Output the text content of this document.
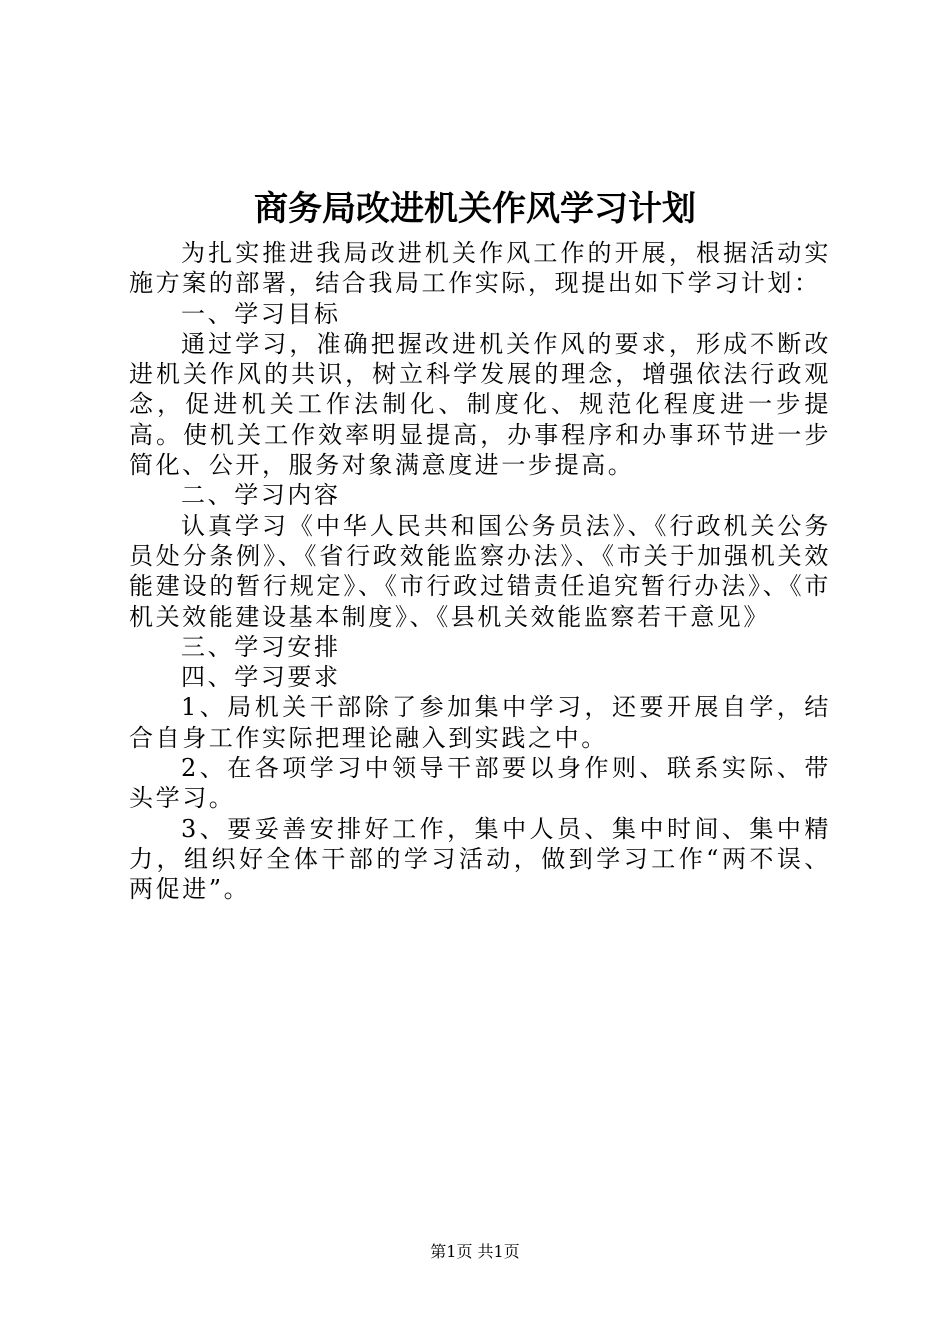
商务局改进机关作风学习计划

为扎实推进我局改进机关作风工作的开展，根据活动实施方案的部署，结合我局工作实际，现提出如下学习计划：

一、学习目标

通过学习，准确把握改进机关作风的要求，形成不断改进机关作风的共识，树立科学发展的理念，增强依法行政观念，促进机关工作法制化、制度化、规范化程度进一步提高。使机关工作效率明显提高，办事程序和办事环节进一步简化、公开，服务对象满意度进一步提高。

二、学习内容

认真学习《中华人民共和国公务员法》、《行政机关公务员处分条例》、《省行政效能监察办法》、《市关于加强机关效能建设的暂行规定》、《市行政过错责任追究暂行办法》、《市机关效能建设基本制度》、《县机关效能监察若干意见》

三、学习安排

四、学习要求

1、局机关干部除了参加集中学习，还要开展自学，结合自身工作实际把理论融入到实践之中。

2、在各项学习中领导干部要以身作则、联系实际、带头学习。

3、要妥善安排好工作，集中人员、集中时间、集中精力，组织好全体干部的学习活动，做到学习工作“两不误、两促进”。

第1页 共1页
